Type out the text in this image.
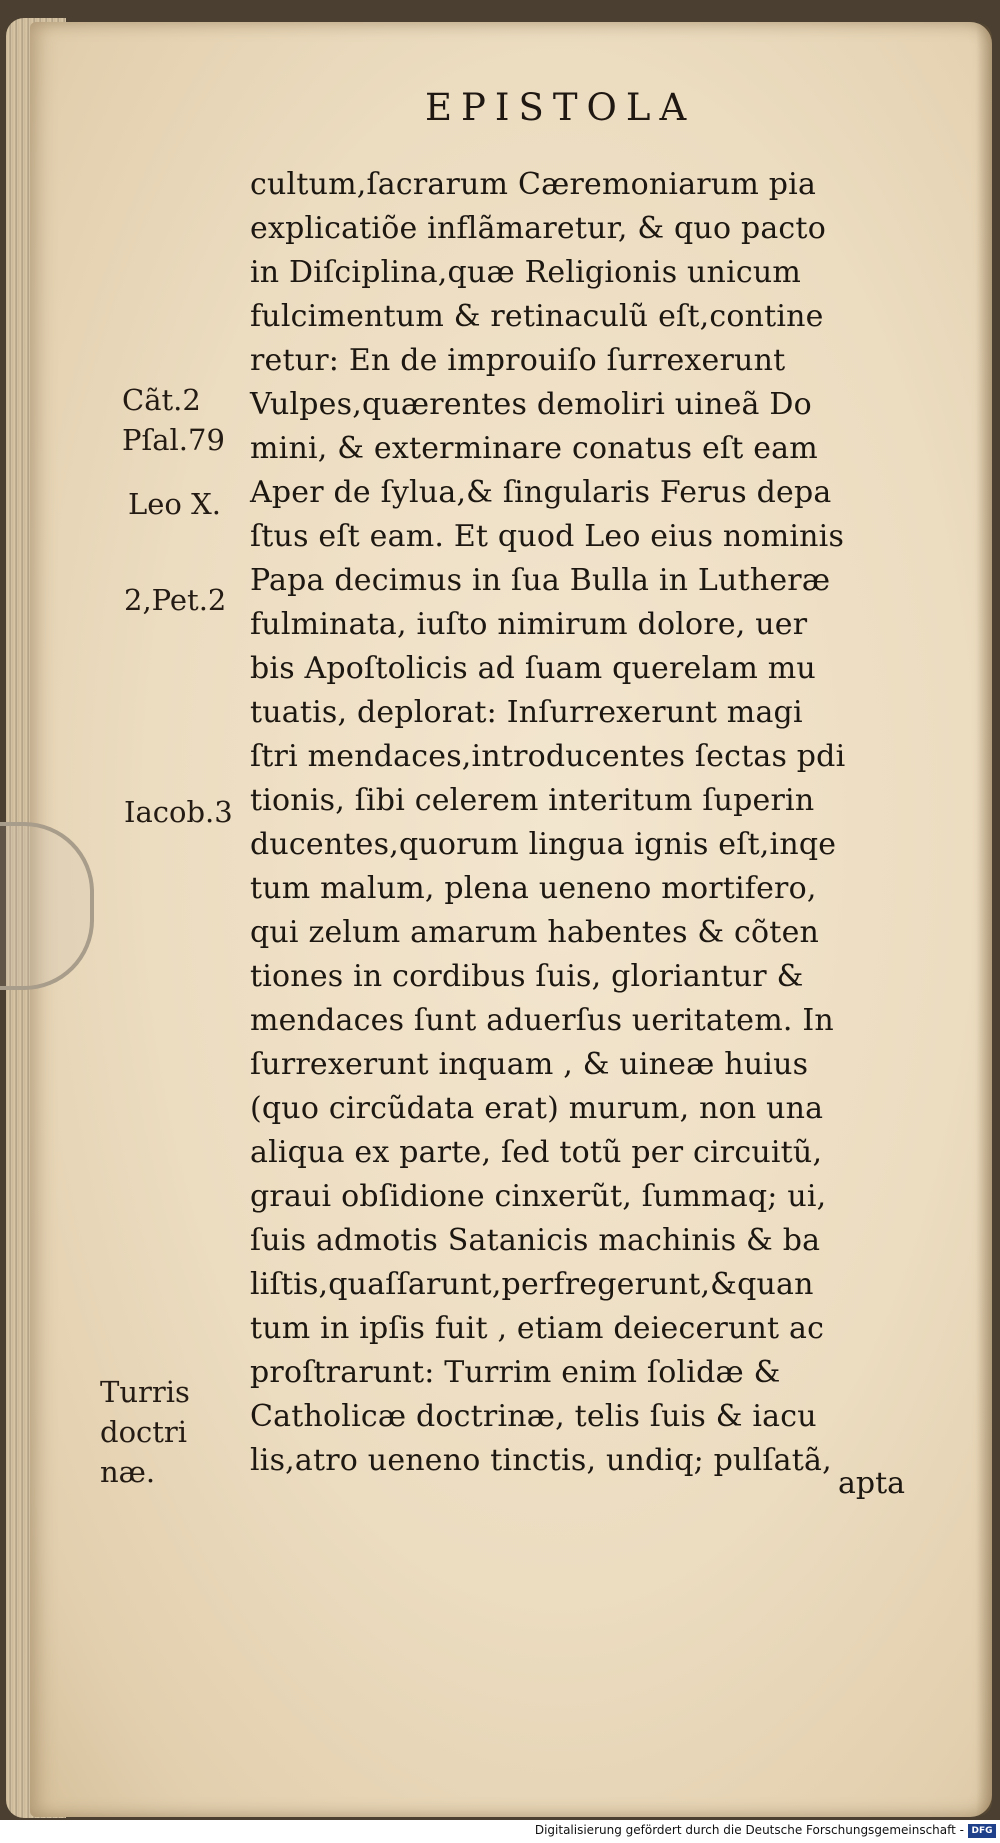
EPISTOLA
cultum,ſacrarum Cæremoniarum pia
explicatiõe inflãmaretur, & quo pacto
in Diſciplina,quæ Religionis unicum
fulcimentum & retinaculũ eſt,contine
retur: En de improuiſo ſurrexerunt
Vulpes,quærentes demoliri uineã Do
mini, & exterminare conatus eſt eam
Aper de ſylua,& ſingularis Ferus depa
ſtus eſt eam. Et quod Leo eius nominis
Papa decimus in ſua Bulla in Lutheræ
fulminata, iuſto nimirum dolore, uer
bis Apoſtolicis ad ſuam querelam mu
tuatis, deplorat: Inſurrexerunt magi
ſtri mendaces,introducentes ſectas pdi
tionis, ſibi celerem interitum ſuperin
ducentes,quorum lingua ignis eſt,inqe
tum malum, plena ueneno mortifero,
qui zelum amarum habentes & cõten
tiones in cordibus ſuis, gloriantur &
mendaces ſunt aduerſus ueritatem. In
ſurrexerunt inquam , & uineæ huius
(quo circũdata erat) murum, non una
aliqua ex parte, ſed totũ per circuitũ,
graui obſidione cinxerũt, ſummaq; ui,
ſuis admotis Satanicis machinis & ba
liſtis,quaſſarunt,perfregerunt,&quan
tum in ipſis fuit , etiam deiecerunt ac
proſtrarunt: Turrim enim ſolidæ &
Catholicæ doctrinæ, telis ſuis & iacu
lis,atro ueneno tinctis, undiq; pulſatã,
Cãt.2
Pſal.79
Leo X.
2,Pet.2
Iacob.3
Turris
doctri
næ.	apta
Digitalisierung gefördert durch die Deutsche Forschungsgemeinschaft - DFG
